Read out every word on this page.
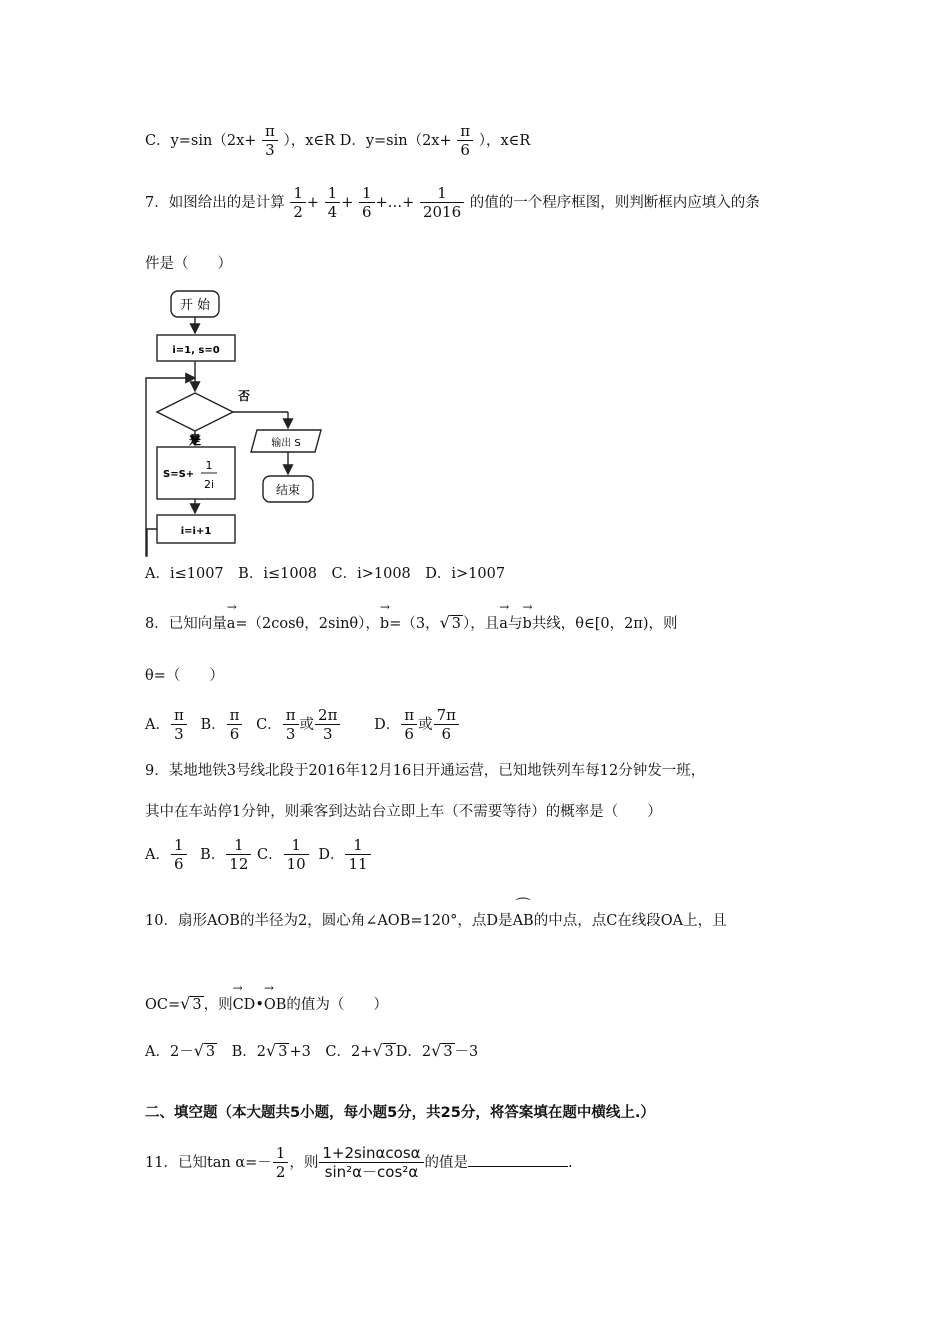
C．$y=\sin(2x+ \frac{\pi}{3}$ ），x∈R D．$y=\sin(2x+ \frac{\pi}{6}$ ），x∈R
7．如图给出的是计算 $\frac{1}{2} + \frac{1}{4} + \frac{1}{6}$ +…+ $\frac{1}{2016}$ 的值的一个程序框图，则判断框内应填入的条
件是（　　）
开 始
i=1, s=0
否
是
S=S+
1
2i
i=i+1
输出 S
结束
A．i≤1007　B．i≤1008　C．i>1008　D．i>1007
8．已知向量→ a=（2cosθ，2sinθ），→ b=（3，√ 3 ），且→ a与→ b共线，θ∈[0，2π)，则
θ=（　　）
A． $\frac{\pi}{3}$ B． $\frac{\pi}{6}$ C． $\frac{\pi}{3}$ 或 $\frac{2\pi}{3}$ D． $\frac{\pi}{6}$ 或 $\frac{7\pi}{6}$
9．某地地铁3号线北段于2016年12月16日开通运营，已知地铁列车每12分钟发一班，
其中在车站停1分钟，则乘客到达站台立即上车（不需要等待）的概率是（　　）
A． $\frac{1}{6}$ B． $\frac{1}{12}$ C． $\frac{1}{10}$ D． $\frac{1}{11}$
10．扇形AOB的半径为2，圆心角∠AOB=120°，点D是⌒ AB的中点，点C在线段OA上，且
OC=√ 3 ，则→ CD•→ OB的值为（　　）
A．2－√ 3　B．2√ 3 +3　C．2+√ 3 D．2√ 3 －3
二、填空题（本大题共5小题，每小题5分，共25分，将答案填在题中横线上.）
11．已知$\tan \alpha=- \frac{1}{2}$ ，则 $\frac{1+2\sin\alpha\cos\alpha}{\text{sin²α－cos²α}}$ 的值是	.
